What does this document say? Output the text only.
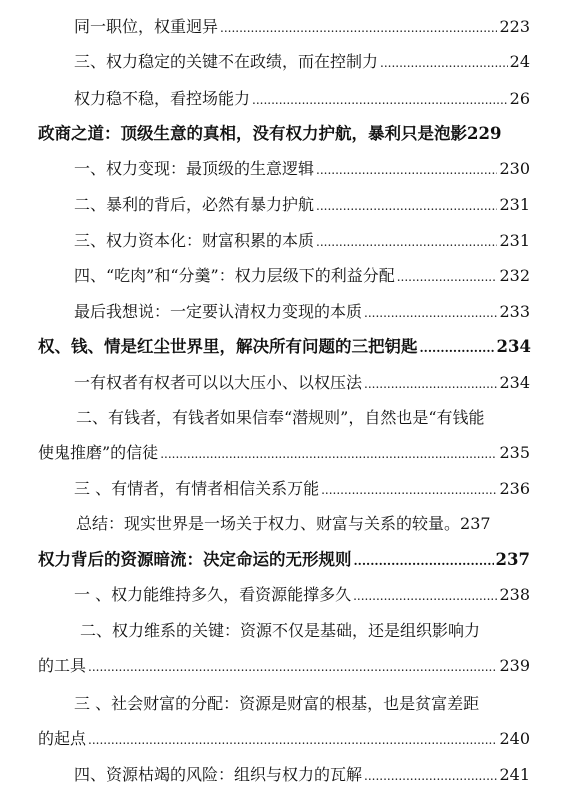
同一职位，权重迥异 .....	223
三、权力稳定的关键不在政绩，而在控制力 .....	24
权力稳不稳，看控场能力 .....	26
政商之道：顶级生意的真相，没有权力护航，暴利只是泡影 229
一、权力变现：最顶级的生意逻辑 .....	230
二、暴利的背后，必然有暴力护航 .....	231
三、权力资本化：财富积累的本质 .....	231
四、“吃肉”和“分羹”：权力层级下的利益分配 .....	232
最后我想说：一定要认清权力变现的本质 .....	233
权、钱、情是红尘世界里，解决所有问题的三把钥匙 .....	234
一有权者有权者可以以大压小、以权压法 .....	234
二、有钱者，有钱者如果信奉“潜规则”，自然也是“有钱能
使鬼推磨”的信徒 .....	235
三 、有情者，有情者相信关系万能 .....	236
总结：现实世界是一场关于权力、财富与关系的较量。 237
权力背后的资源暗流：决定命运的无形规则 .....	237
一 、权力能维持多久，看资源能撑多久 .....	238
二、权力维系的关键：资源不仅是基础，还是组织影响力
的工具 .....	239
三 、社会财富的分配：资源是财富的根基，也是贫富差距
的起点 .....	240
四、资源枯竭的风险：组织与权力的瓦解 .....	241
